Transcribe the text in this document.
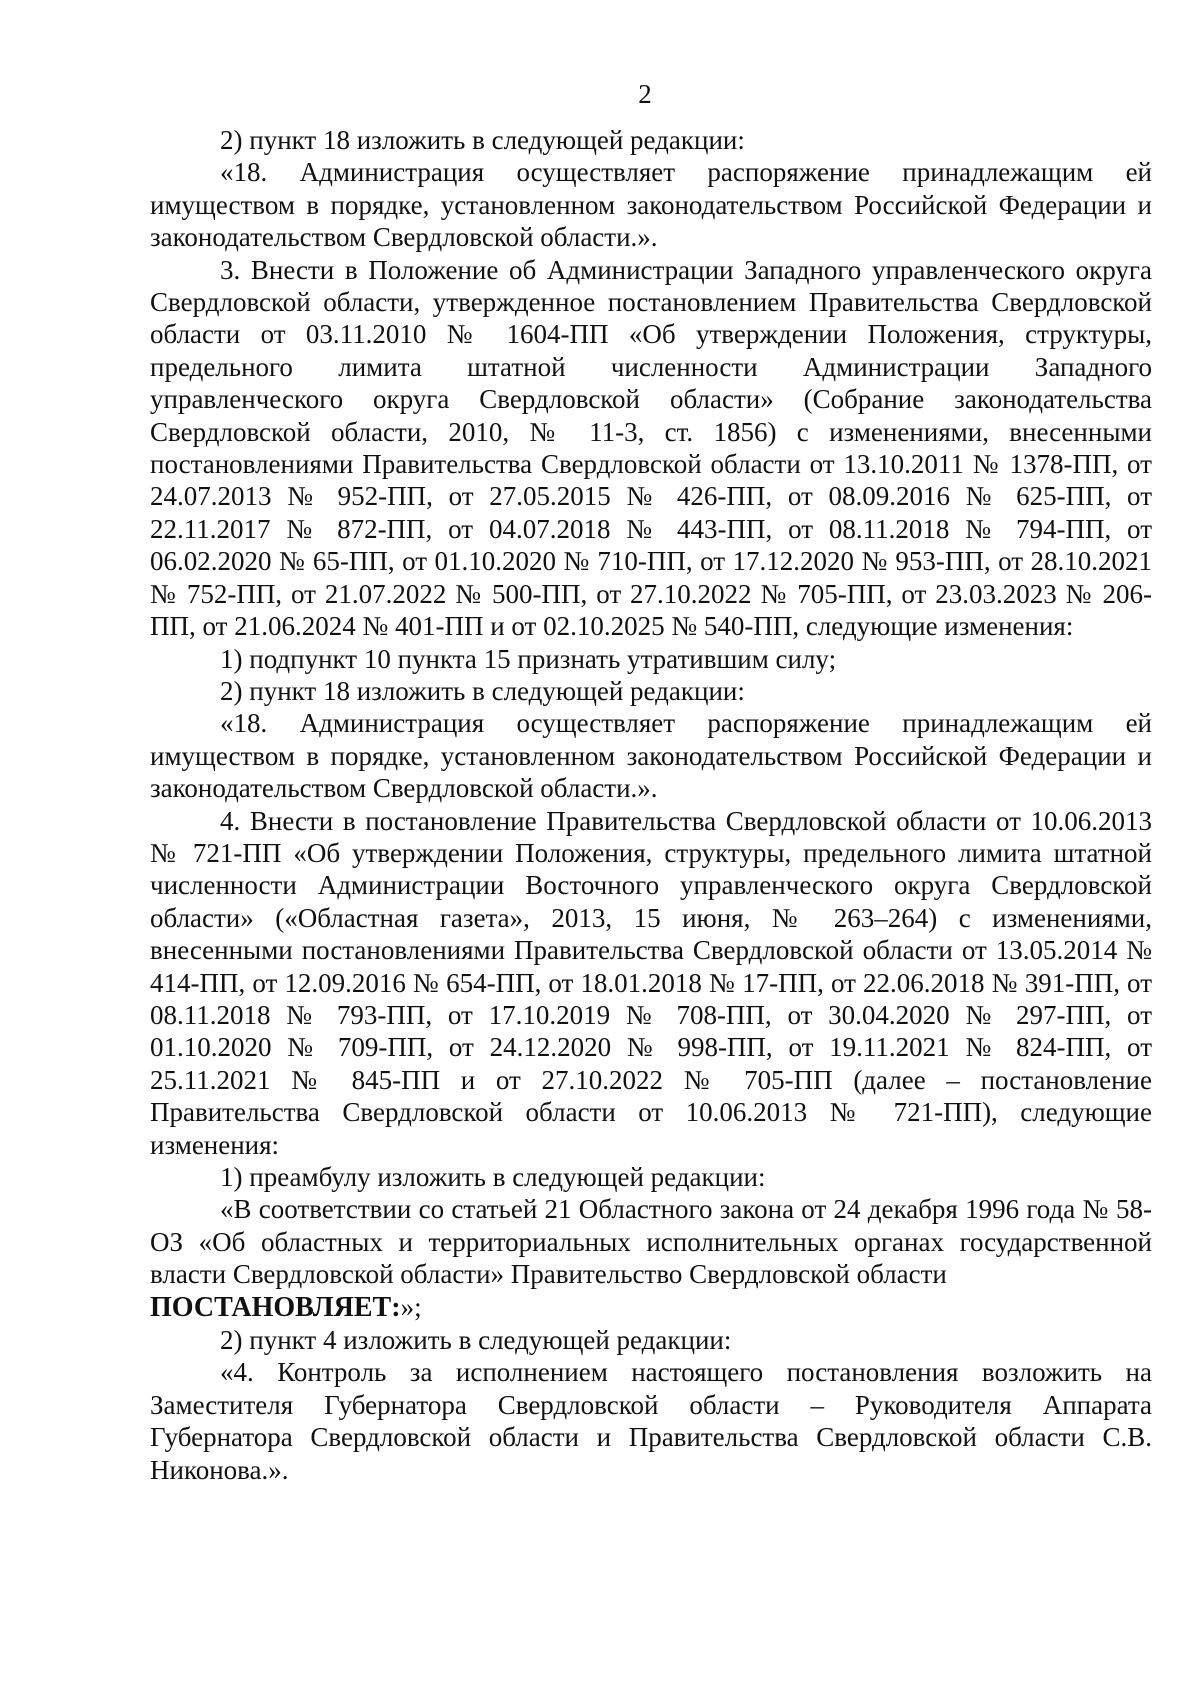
2

2) пункт 18 изложить в следующей редакции:

«18. Администрация осуществляет распоряжение принадлежащим ей имуществом в порядке, установленном законодательством Российской Федерации и законодательством Свердловской области.».

3. Внести в Положение об Администрации Западного управленческого округа Свердловской области, утвержденное постановлением Правительства Свердловской области от 03.11.2010 № 1604-ПП «Об утверждении Положения, структуры, предельного лимита штатной численности Администрации Западного управленческого округа Свердловской области» (Собрание законодательства Свердловской области, 2010, № 11-3, ст. 1856) с изменениями, внесенными постановлениями Правительства Свердловской области от 13.10.2011 № 1378-ПП, от 24.07.2013 № 952-ПП, от 27.05.2015 № 426-ПП, от 08.09.2016 № 625-ПП, от 22.11.2017 № 872-ПП, от 04.07.2018 № 443-ПП, от 08.11.2018 № 794-ПП, от 06.02.2020 № 65-ПП, от 01.10.2020 № 710-ПП, от 17.12.2020 № 953-ПП, от 28.10.2021 № 752-ПП, от 21.07.2022 № 500-ПП, от 27.10.2022 № 705-ПП, от 23.03.2023 № 206-ПП, от 21.06.2024 № 401-ПП и от 02.10.2025 № 540-ПП, следующие изменения:

1) подпункт 10 пункта 15 признать утратившим силу;

2) пункт 18 изложить в следующей редакции:

«18. Администрация осуществляет распоряжение принадлежащим ей имуществом в порядке, установленном законодательством Российской Федерации и законодательством Свердловской области.».

4. Внести в постановление Правительства Свердловской области от 10.06.2013 № 721-ПП «Об утверждении Положения, структуры, предельного лимита штатной численности Администрации Восточного управленческого округа Свердловской области» («Областная газета», 2013, 15 июня, № 263–264) с изменениями, внесенными постановлениями Правительства Свердловской области от 13.05.2014 № 414-ПП, от 12.09.2016 № 654-ПП, от 18.01.2018 № 17-ПП, от 22.06.2018 № 391-ПП, от 08.11.2018 № 793-ПП, от 17.10.2019 № 708-ПП, от 30.04.2020 № 297-ПП, от 01.10.2020 № 709-ПП, от 24.12.2020 № 998-ПП, от 19.11.2021 № 824-ПП, от 25.11.2021 № 845-ПП и от 27.10.2022 № 705-ПП (далее – постановление Правительства Свердловской области от 10.06.2013 № 721-ПП), следующие изменения:

1) преамбулу изложить в следующей редакции:

«В соответствии со статьей 21 Областного закона от 24 декабря 1996 года № 58-ОЗ «Об областных и территориальных исполнительных органах государственной власти Свердловской области» Правительство Свердловской области

ПОСТАНОВЛЯЕТ:»;

2) пункт 4 изложить в следующей редакции:

«4. Контроль за исполнением настоящего постановления возложить на Заместителя Губернатора Свердловской области – Руководителя Аппарата Губернатора Свердловской области и Правительства Свердловской области С.В. Никонова.».
